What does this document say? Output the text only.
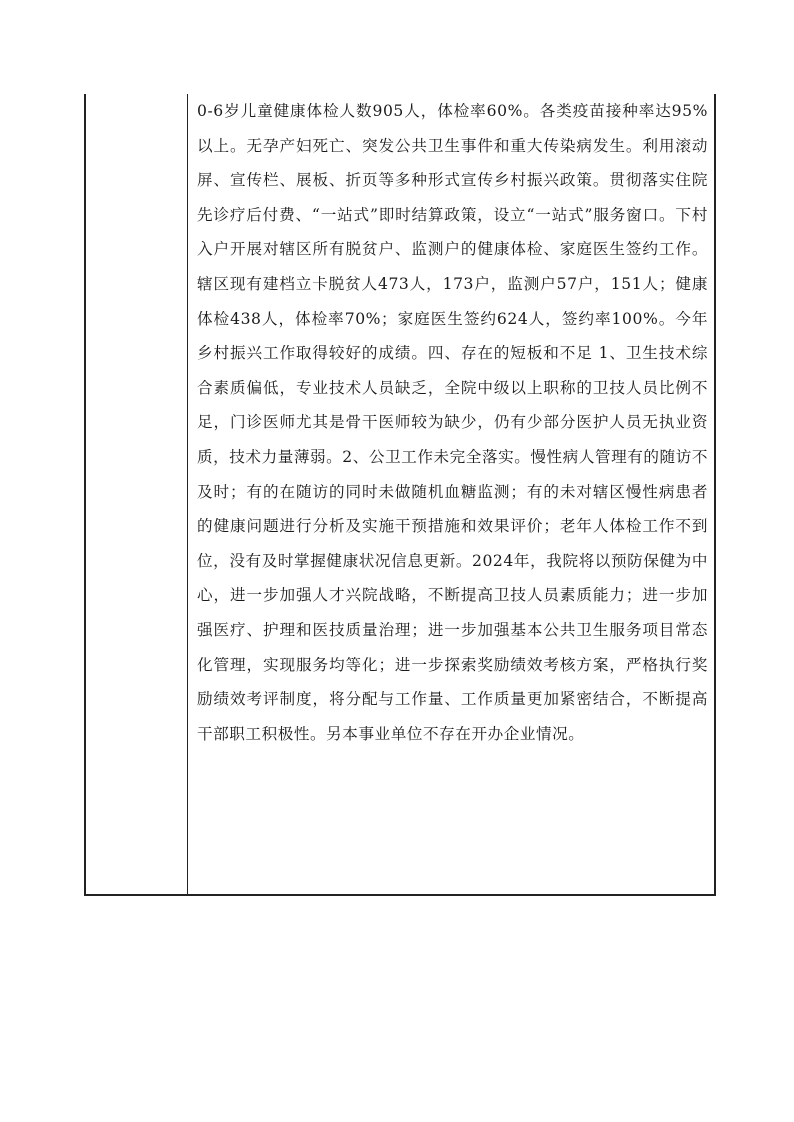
0-6岁儿童健康体检人数905人，体检率60%。各类疫苗接种率达95%以上。无孕产妇死亡、突发公共卫生事件和重大传染病发生。利用滚动屏、宣传栏、展板、折页等多种形式宣传乡村振兴政策。贯彻落实住院先诊疗后付费、“一站式”即时结算政策，设立“一站式”服务窗口。下村入户开展对辖区所有脱贫户、监测户的健康体检、家庭医生签约工作。辖区现有建档立卡脱贫人473人，173户，监测户57户，151人；健康体检438人，体检率70%；家庭医生签约624人，签约率100%。今年乡村振兴工作取得较好的成绩。四、存在的短板和不足 1、卫生技术综合素质偏低，专业技术人员缺乏，全院中级以上职称的卫技人员比例不足，门诊医师尤其是骨干医师较为缺少，仍有少部分医护人员无执业资质，技术力量薄弱。2、公卫工作未完全落实。慢性病人管理有的随访不及时；有的在随访的同时未做随机血糖监测；有的未对辖区慢性病患者的健康问题进行分析及实施干预措施和效果评价；老年人体检工作不到位，没有及时掌握健康状况信息更新。2024年，我院将以预防保健为中心，进一步加强人才兴院战略，不断提高卫技人员素质能力；进一步加强医疗、护理和医技质量治理；进一步加强基本公共卫生服务项目常态化管理，实现服务均等化；进一步探索奖励绩效考核方案，严格执行奖励绩效考评制度，将分配与工作量、工作质量更加紧密结合，不断提高干部职工积极性。另本事业单位不存在开办企业情况。
